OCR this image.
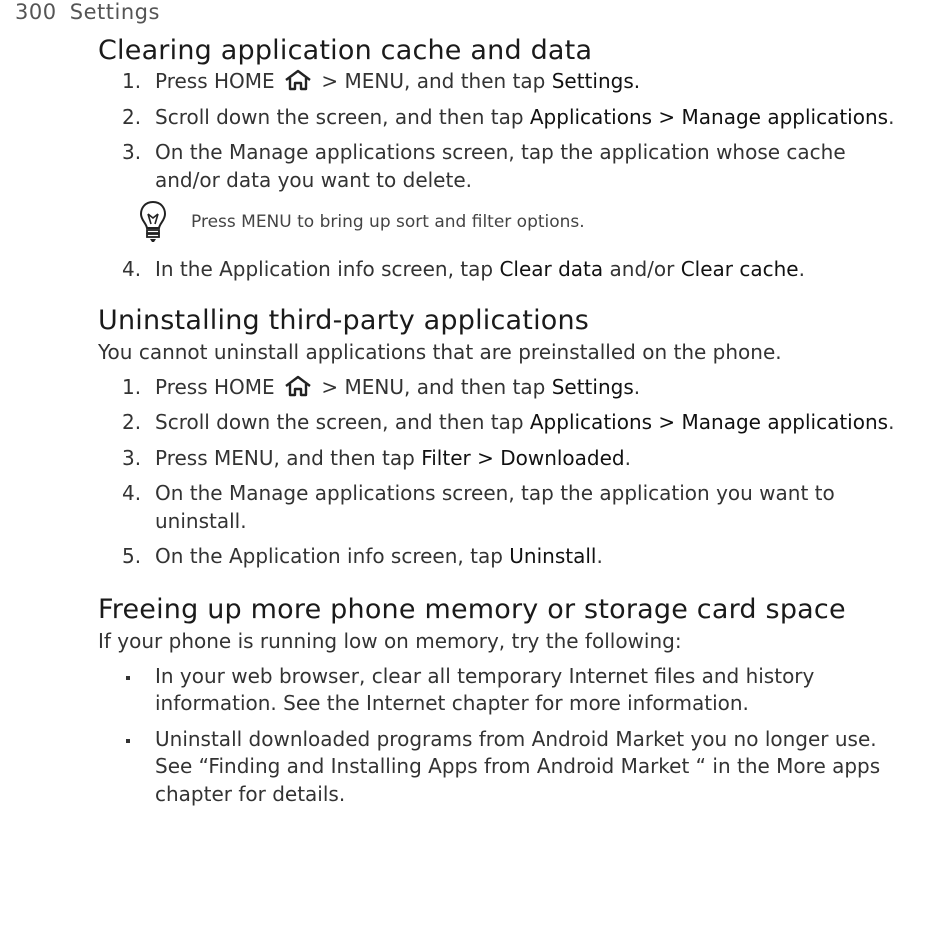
300 Settings
Clearing application cache and data
1. Press HOME  > MENU, and then tap Settings.
2. Scroll down the screen, and then tap Applications > Manage applications.
3. On the Manage applications screen, tap the application whose cache and/or data you want to delete.
Press MENU to bring up sort and filter options.
4. In the Application info screen, tap Clear data and/or Clear cache.
Uninstalling third-party applications

You cannot uninstall applications that are preinstalled on the phone.

1. Press HOME  > MENU, and then tap Settings.
2. Scroll down the screen, and then tap Applications > Manage applications.
3. Press MENU, and then tap Filter > Downloaded.
4. On the Manage applications screen, tap the application you want to uninstall.
5. On the Application info screen, tap Uninstall.
Freeing up more phone memory or storage card space

If your phone is running low on memory, try the following:

In your web browser, clear all temporary Internet files and history information. See the Internet chapter for more information.
Uninstall downloaded programs from Android Market you no longer use. See “Finding and Installing Apps from Android Market “ in the More apps chapter for details.
